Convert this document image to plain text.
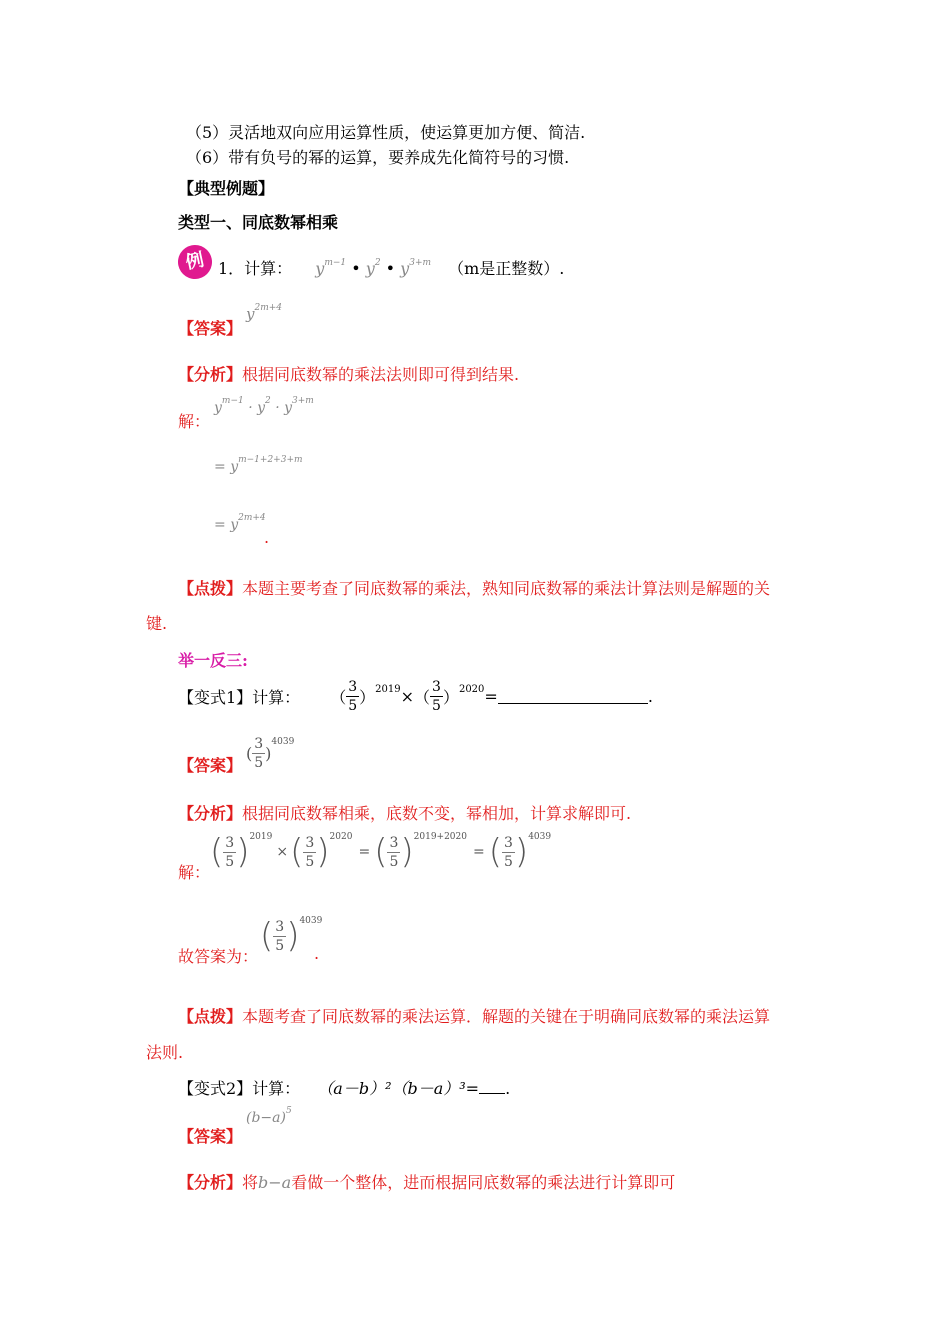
（5）灵活地双向应用运算性质，使运算更加方便、简洁.
（6）带有负号的幂的运算，要养成先化简符号的习惯.
【典型例题】
类型一、同底数幂相乘
例 1．计算： $y^{m-1}$ • $y^2$ • $y^{3+m}$ （m是正整数）.
【答案】
$y^{2m+4}$
【分析】根据同底数幂的乘法法则即可得到结果.
解：
$y^{m-1} \cdot y^2 \cdot y^{3+m}$
= $y^{m-1+2+3+m}$
= $y^{2m+4}$
.
【点拨】本题主要考查了同底数幂的乘法，熟知同底数幂的乘法计算法则是解题的关
键.
举一反三:
【变式1】计算： （ $\frac{3}{5} )^{2019}$ × （ $\frac{3}{5} )^{2020}$ =	.
【答案】
( $\frac{3}{5}$ )
$^{4039}$
【分析】根据同底数幂相乘，底数不变，幂相加，计算求解即可.
解：
( $\frac{3}{5} )^{2019}$
× ( $\frac{3}{5} )^{2020}$
= ( $\frac{3}{5} )^{2019+2020}$
= ( $\frac{3}{5} )^{4039}$
故答案为：
( $\frac{3}{5} )^{4039}$
.
【点拨】本题考查了同底数幂的乘法运算．解题的关键在于明确同底数幂的乘法运算
法则.
【变式2】计算： （a－b）²（b－a）³= .
【答案】
$(b-a)^5$
【分析】将b−a看做一个整体，进而根据同底数幂的乘法进行计算即可
